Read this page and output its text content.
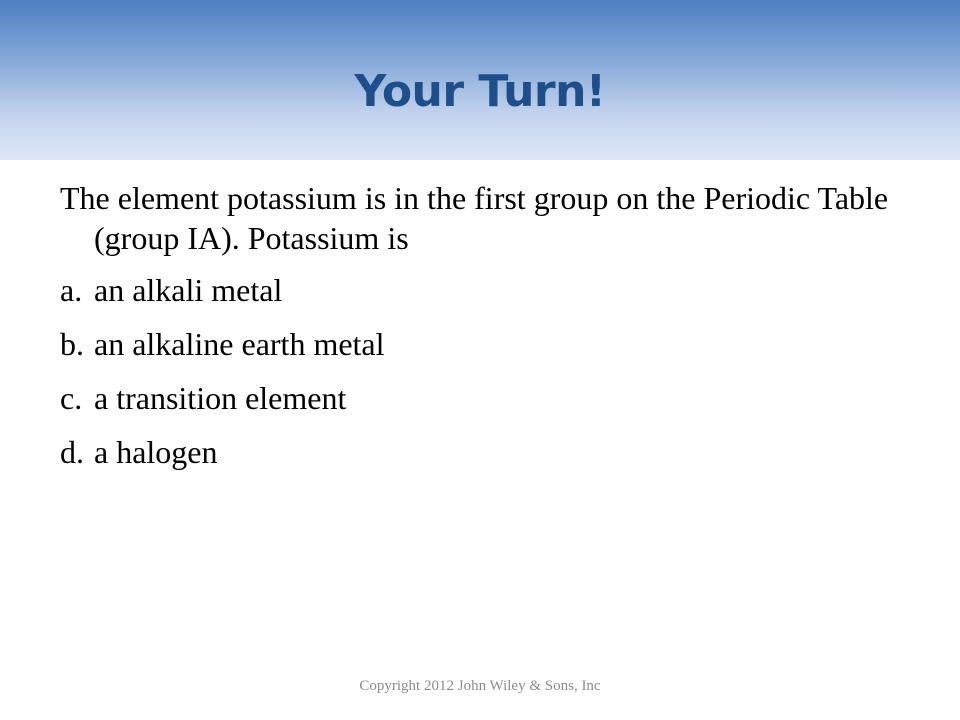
Your Turn!

The element potassium is in the first group on the Periodic Table (group IA). Potassium is

a. an alkali metal
b. an alkaline earth metal
c. a transition element
d. a halogen
Copyright 2012 John Wiley & Sons, Inc
